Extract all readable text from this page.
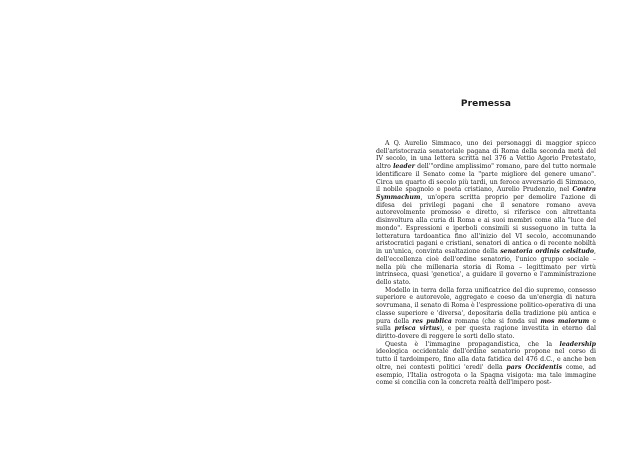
Premessa

A Q. Aurelio Simmaco, uno dei personaggi di maggior spicco dell'aristocrazia senatoriale pagana di Roma della seconda metà del IV secolo, in una lettera scritta nel 376 a Vettio Agorio Pretestato, altro leader dell'"ordine amplissimo" romano, pare del tutto normale identificare il Senato come la "parte migliore del genere umano". Circa un quarto di secolo più tardi, un feroce avversario di Simmaco, il nobile spagnolo e poeta cristiano, Aurelio Prudenzio, nel Contra Symmachum, un'opera scritta proprio per demolire l'azione di difesa dei privilegi pagani che il senatore romano aveva autorevolmente promosso e diretto, si riferisce con altrettanta disinvoltura alla curia di Roma e ai suoi membri come alla "luce del mondo". Espressioni e iperboli consimili si susseguono in tutta la letteratura tardoantica fino all'inizio del VI secolo, accomunando aristocratici pagani e cristiani, senatori di antica o di recente nobiltà in un'unica, convinta esaltazione della senatoria ordinis celsitudo, dell'eccellenza cioè dell'ordine senatorio, l'unico gruppo sociale – nella più che millenaria storia di Roma – legittimato per virtù intrinseca, quasi 'genetica', a guidare il governo e l'amministrazione dello stato.

Modello in terra della forza unificatrice del dio supremo, consesso superiore e autorevole, aggregato e coeso da un'energia di natura sovrumana, il senato di Roma è l'espressione politico-operativa di una classe superiore e 'diversa', depositaria della tradizione più antica e pura della res publica romana (che si fonda sul mos maiorum e sulla prisca virtus), e per questa ragione investita in eterno dal diritto-dovere di reggere le sorti dello stato.

Questa è l'immagine propagandistica, che la leadership ideologica occidentale dell'ordine senatorio propone nel corso di tutto il tardoimpero, fino alla data fatidica del 476 d.C., e anche ben oltre, nei contesti politici 'eredi' della pars Occidentis come, ad esempio, l'Italia ostrogota o la Spagna visigota: ma tale immagine come si concilia con la concreta realtà dell'impero post-
